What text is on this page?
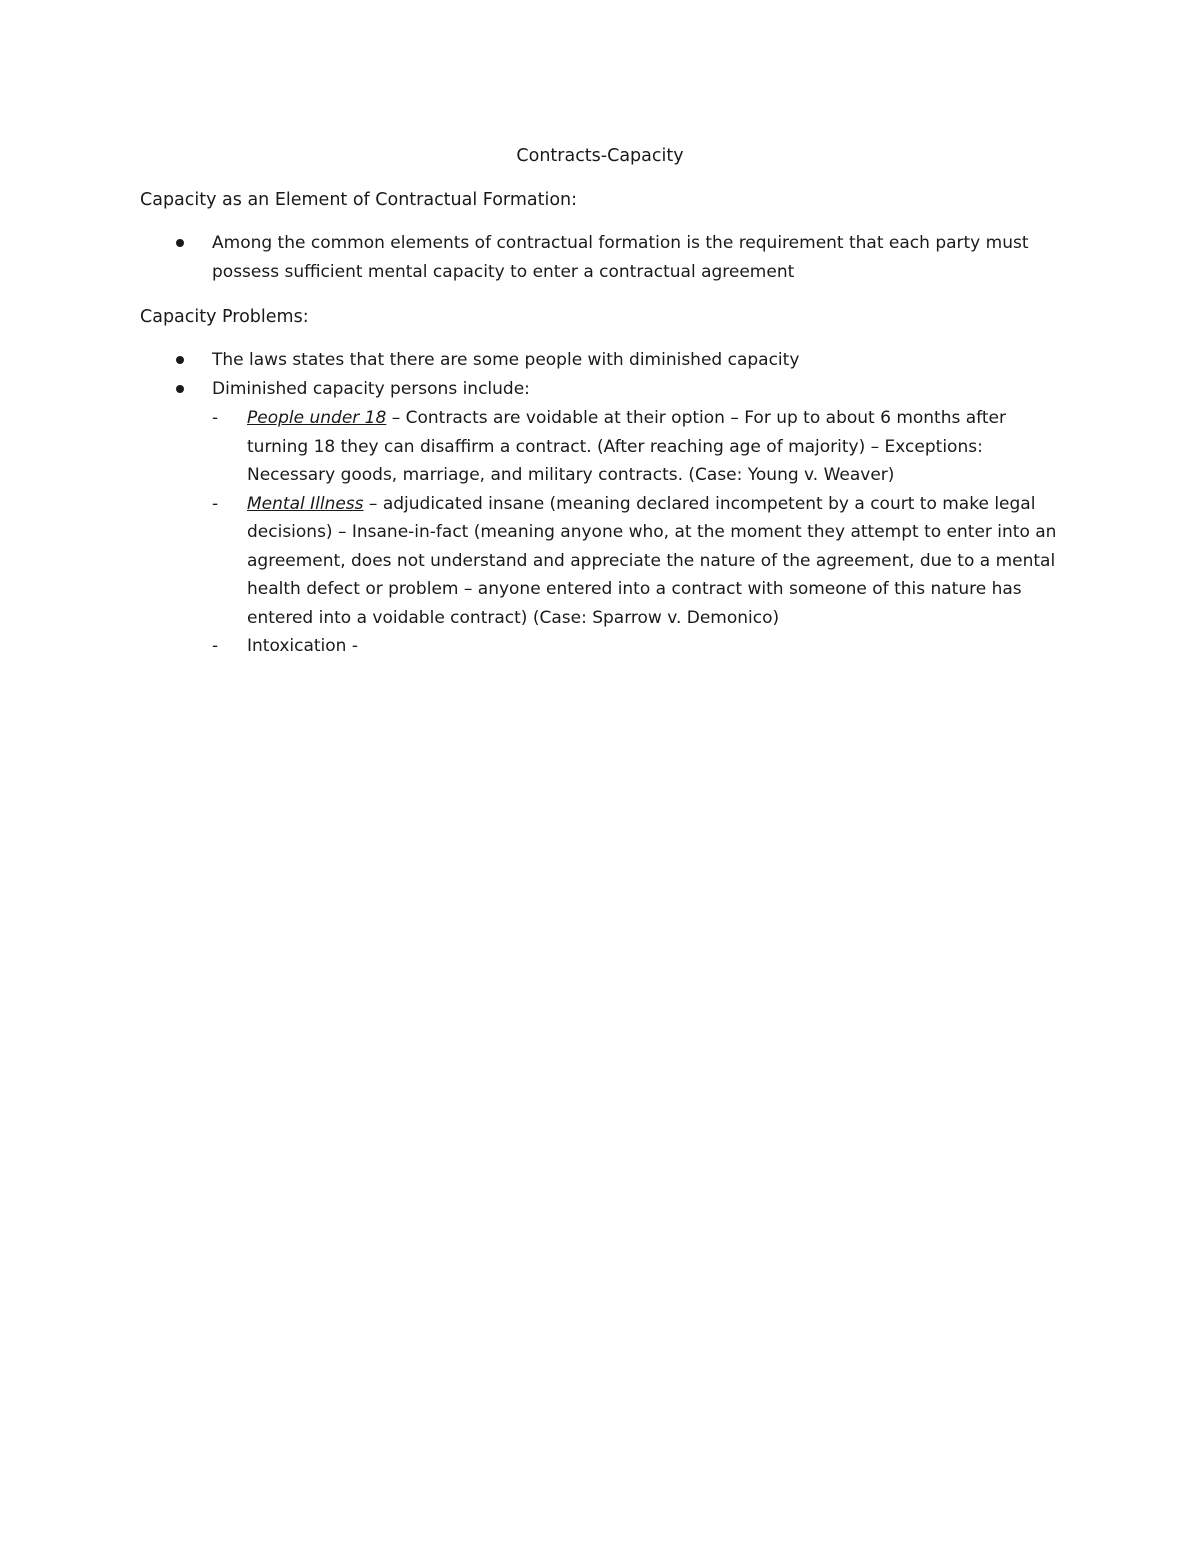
Contracts-Capacity
Capacity as an Element of Contractual Formation:
Among the common elements of contractual formation is the requirement that each party must possess sufficient mental capacity to enter a contractual agreement
Capacity Problems:
The laws states that there are some people with diminished capacity
Diminished capacity persons include:
- People under 18 – Contracts are voidable at their option – For up to about 6 months after turning 18 they can disaffirm a contract. (After reaching age of majority) – Exceptions: Necessary goods, marriage, and military contracts. (Case: Young v. Weaver)
- Mental Illness – adjudicated insane (meaning declared incompetent by a court to make legal decisions) – Insane-in-fact (meaning anyone who, at the moment they attempt to enter into an agreement, does not understand and appreciate the nature of the agreement, due to a mental health defect or problem – anyone entered into a contract with someone of this nature has entered into a voidable contract) (Case: Sparrow v. Demonico)
- Intoxication -
